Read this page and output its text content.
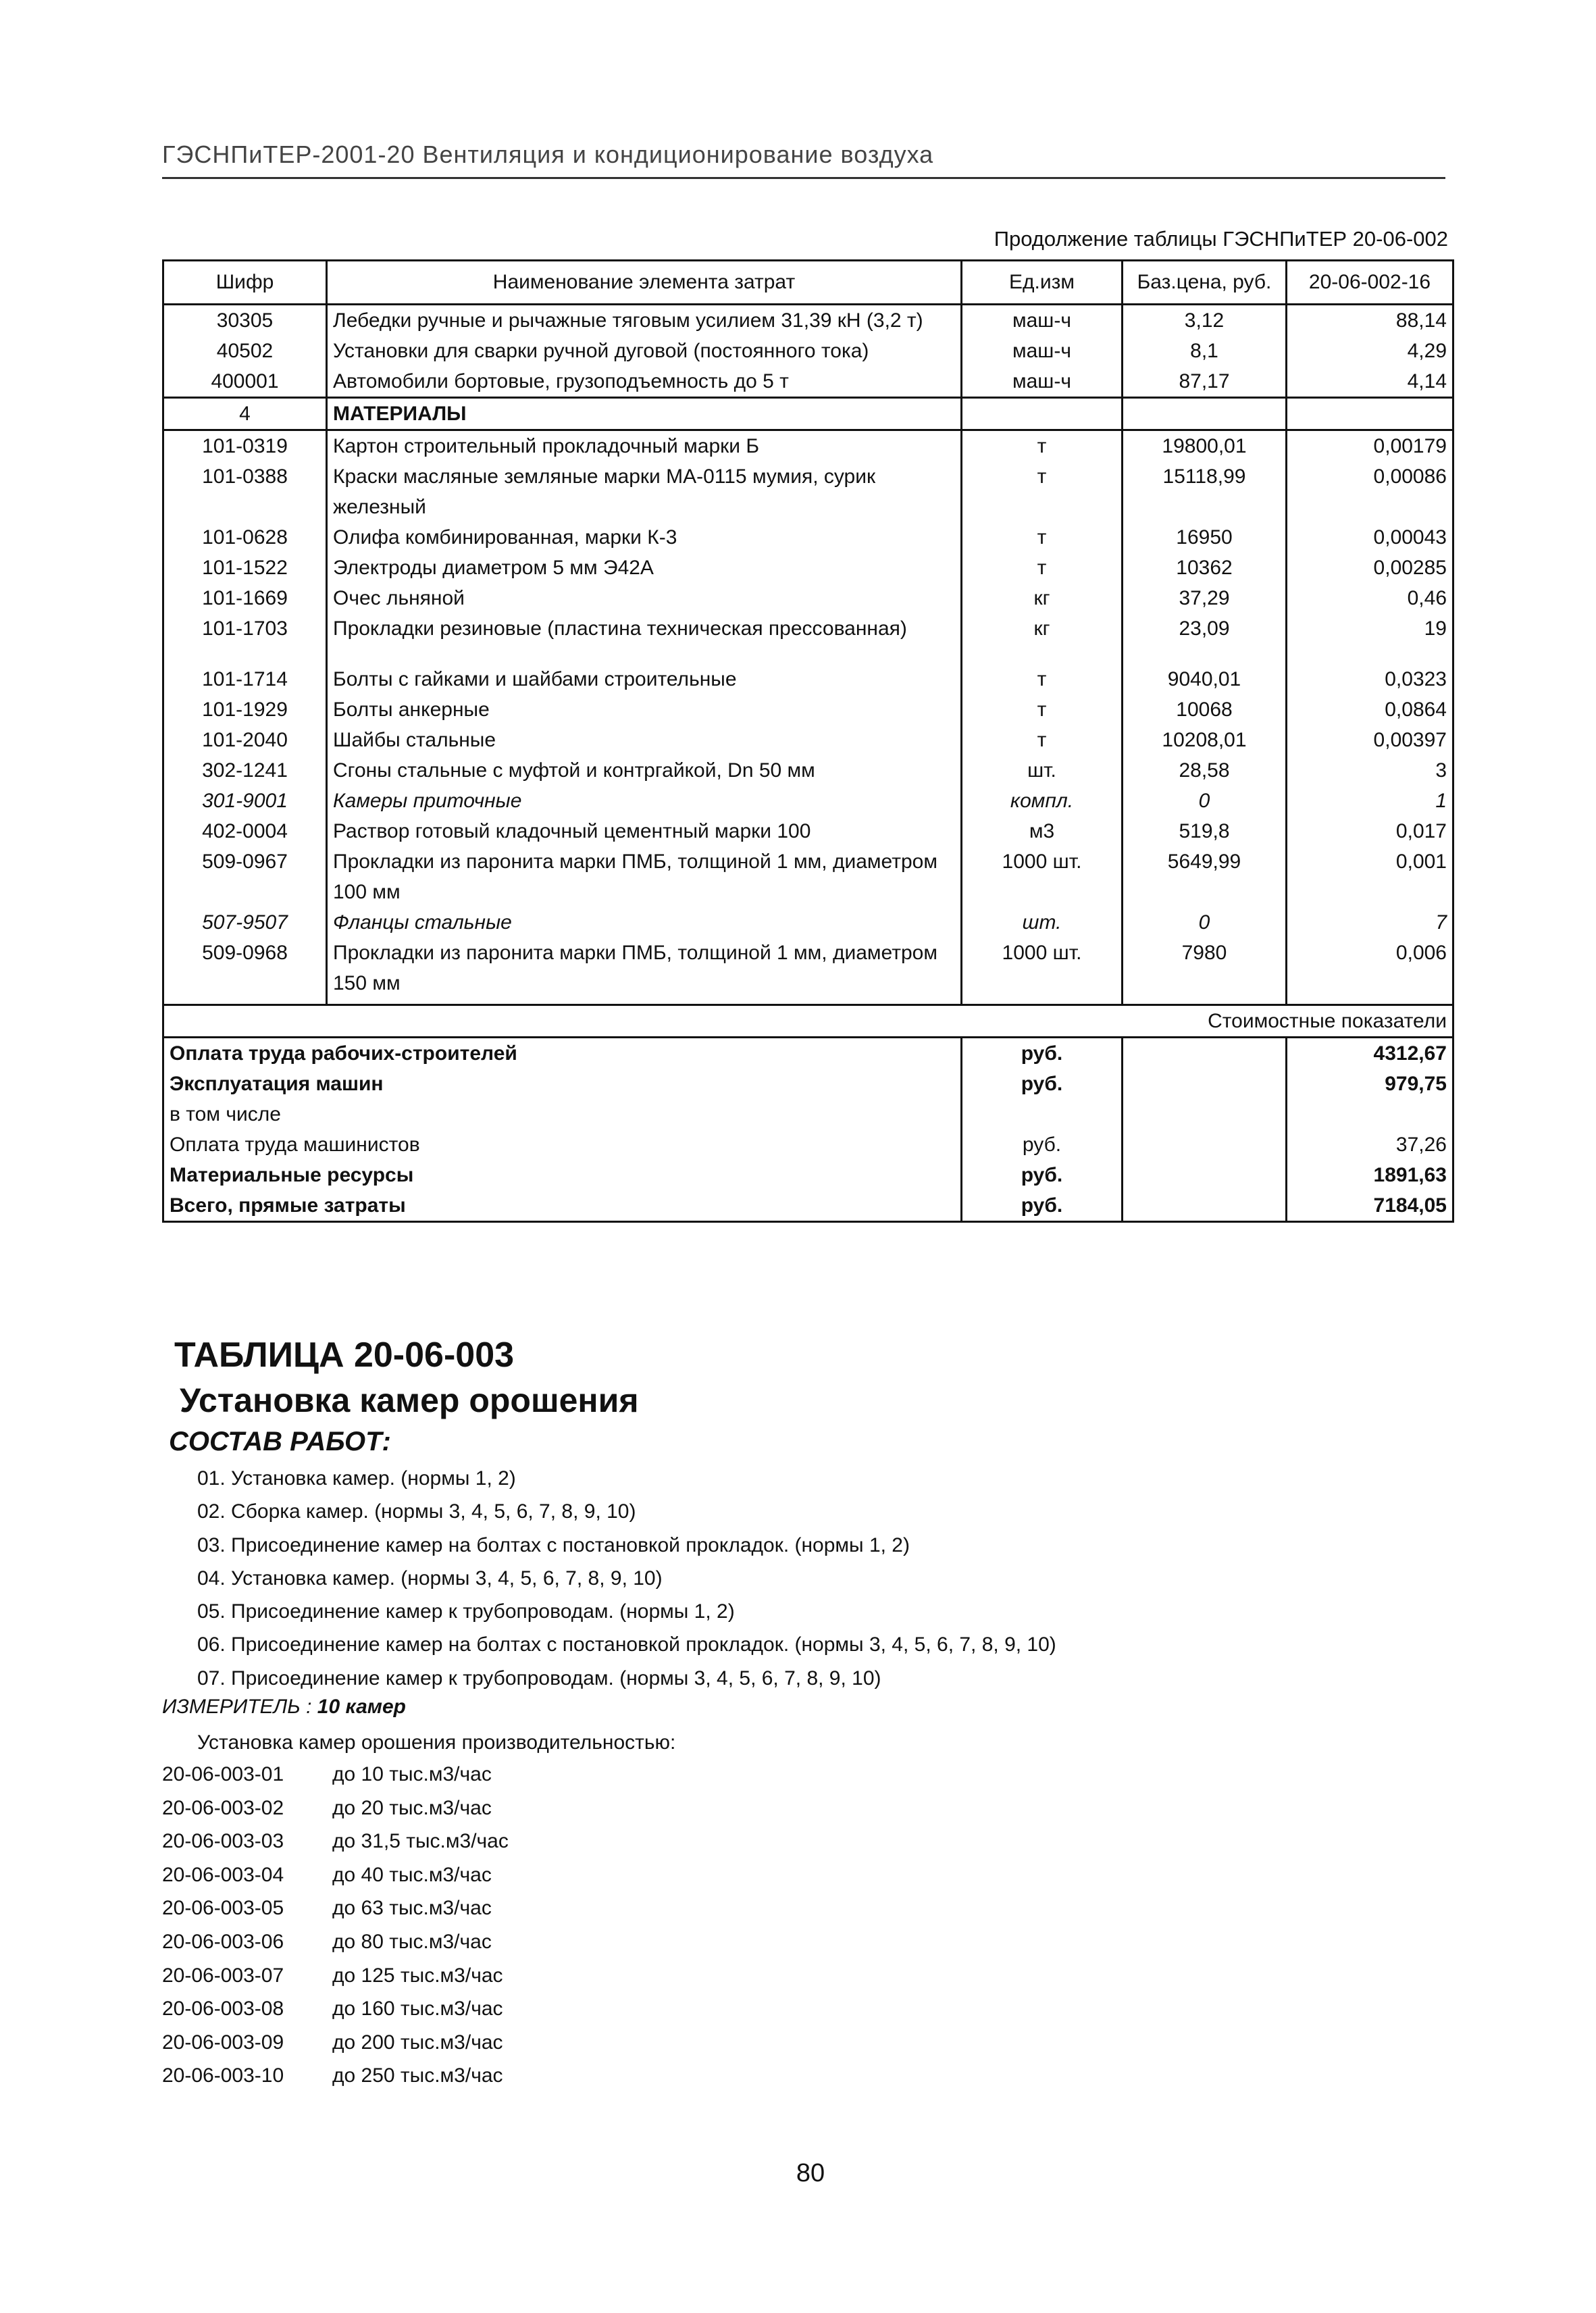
ГЭСНПиТЕР-2001-20 Вентиляция и кондиционирование воздуха
Продолжение таблицы ГЭСНПиТЕР 20-06-002
Шифр	Наименование элемента затрат	Ед.изм	Баз.цена, руб.	20-06-002-16
30305	Лебедки ручные и рычажные тяговым усилием 31,39 кН (3,2 т)	маш-ч	3,12	88,14
40502	Установки для сварки ручной дуговой (постоянного тока)	маш-ч	8,1	4,29
400001	Автомобили бортовые, грузоподъемность до 5 т	маш-ч	87,17	4,14
4	МАТЕРИАЛЫ			
101-0319	Картон строительный прокладочный марки Б	т	19800,01	0,00179
101-0388	Краски масляные земляные марки МА-0115 мумия, сурик железный	т	15118,99	0,00086
101-0628	Олифа комбинированная, марки К-3	т	16950	0,00043
101-1522	Электроды диаметром 5 мм Э42А	т	10362	0,00285
101-1669	Очес льняной	кг	37,29	0,46
101-1703	Прокладки резиновые (пластина техническая прессованная)	кг	23,09	19

101-1714	Болты с гайками и шайбами строительные	т	9040,01	0,0323
101-1929	Болты анкерные	т	10068	0,0864
101-2040	Шайбы стальные	т	10208,01	0,00397
302-1241	Сгоны стальные с муфтой и контргайкой, Dn 50 мм	шт.	28,58	3
301-9001	Камеры приточные	компл.	0	1
402-0004	Раствор готовый кладочный цементный марки 100	м3	519,8	0,017
509-0967	Прокладки из паронита марки ПМБ, толщиной 1 мм, диаметром 100 мм	1000 шт.	5649,99	0,001
507-9507	Фланцы стальные	шт.	0	7
509-0968	Прокладки из паронита марки ПМБ, толщиной 1 мм, диаметром 150 мм	1000 шт.	7980	0,006

Стоимостные показатели				
Оплата труда рабочих-строителей		руб.		4312,67
Эксплуатация машин		руб.		979,75
в том числе				
Оплата труда машинистов		руб.		37,26
Материальные ресурсы		руб.		1891,63
Всего, прямые затраты		руб.		7184,05
ТАБЛИЦА 20-06-003
Установка камер орошения
СОСТАВ РАБОТ:
01. Установка камер. (нормы 1, 2)
02. Сборка камер. (нормы 3, 4, 5, 6, 7, 8, 9, 10)
03. Присоединение камер на болтах с постановкой прокладок. (нормы 1, 2)
04. Установка камер. (нормы 3, 4, 5, 6, 7, 8, 9, 10)
05. Присоединение камер к трубопроводам. (нормы 1, 2)
06. Присоединение камер на болтах с постановкой прокладок. (нормы 3, 4, 5, 6, 7, 8, 9, 10)
07. Присоединение камер к трубопроводам. (нормы 3, 4, 5, 6, 7, 8, 9, 10)
ИЗМЕРИТЕЛЬ : 10 камер
Установка камер орошения производительностью:
20-06-003-01 до 10 тыс.м3/час
20-06-003-02 до 20 тыс.м3/час
20-06-003-03 до 31,5 тыс.м3/час
20-06-003-04 до 40 тыс.м3/час
20-06-003-05 до 63 тыс.м3/час
20-06-003-06 до 80 тыс.м3/час
20-06-003-07 до 125 тыс.м3/час
20-06-003-08 до 160 тыс.м3/час
20-06-003-09 до 200 тыс.м3/час
20-06-003-10 до 250 тыс.м3/час
80
